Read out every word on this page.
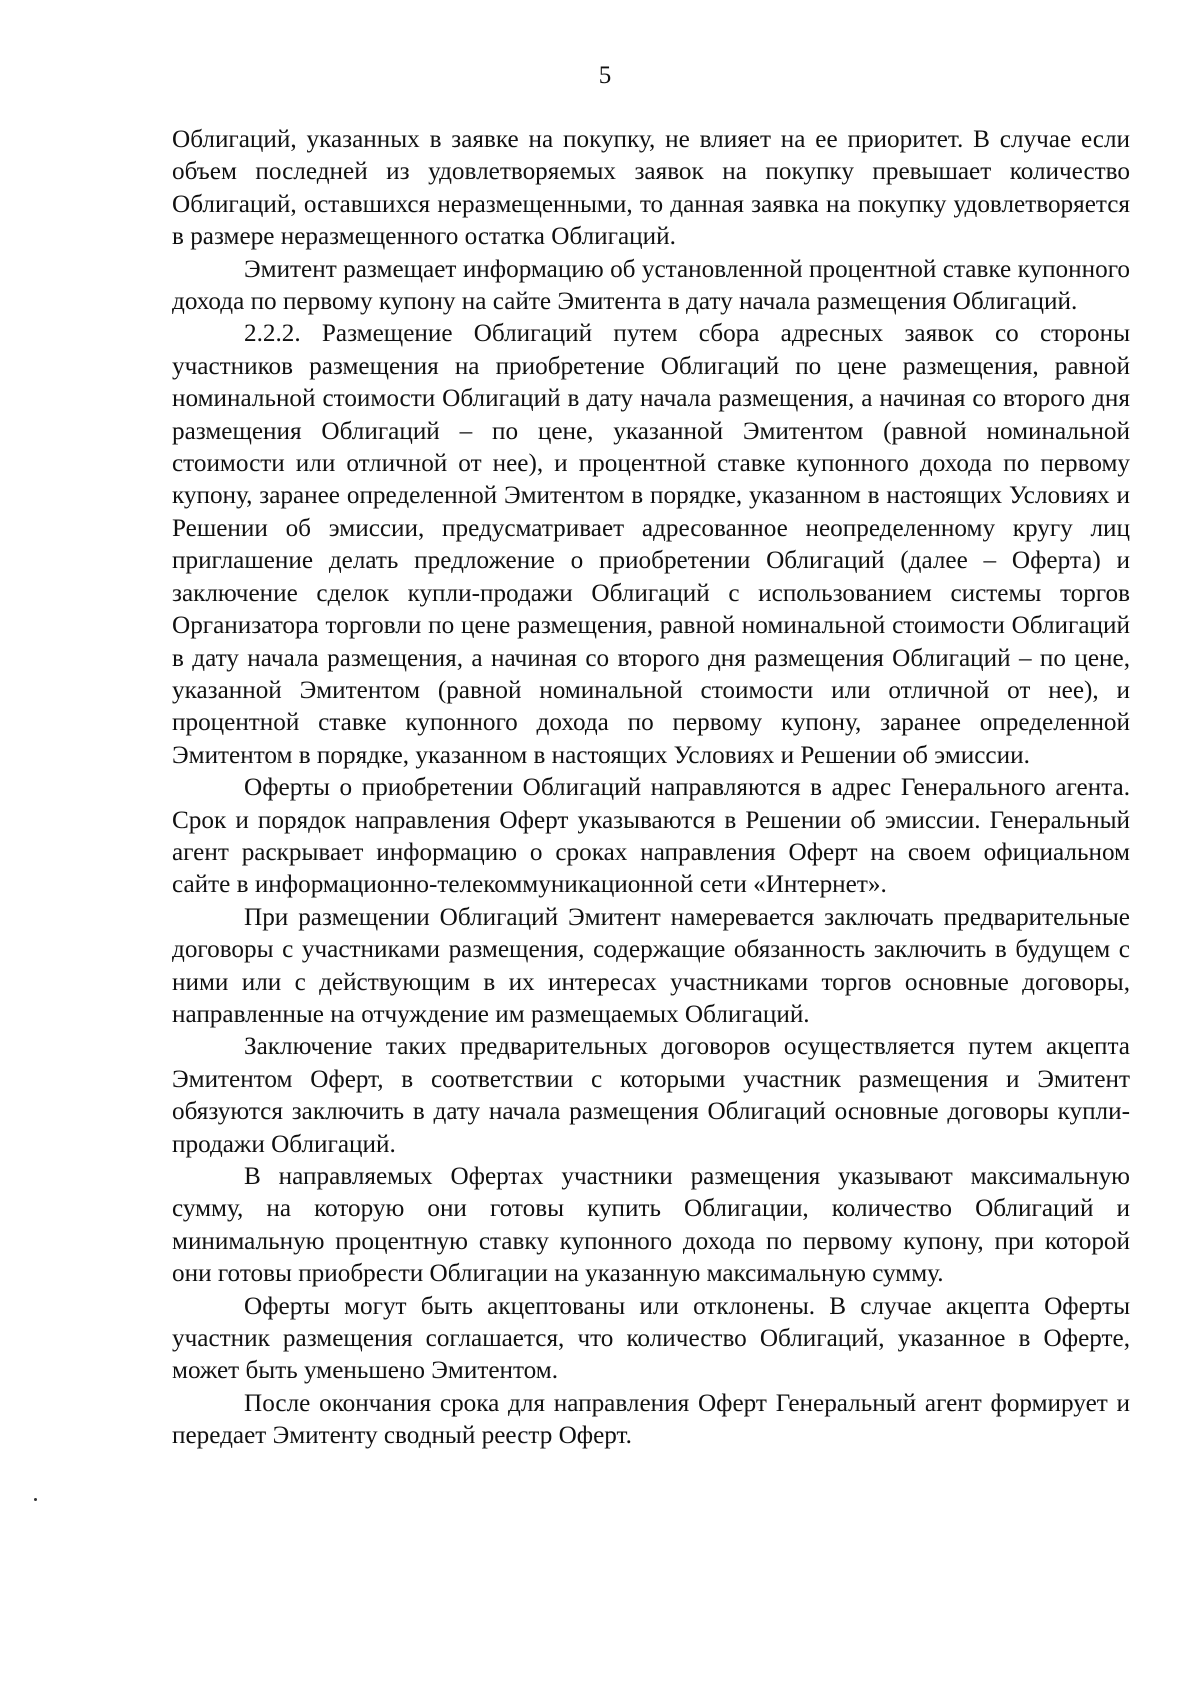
5

Облигаций, указанных в заявке на покупку, не влияет на ее приоритет. В случае если объем последней из удовлетворяемых заявок на покупку превышает количество Облигаций, оставшихся неразмещенными, то данная заявка на покупку удовлетворяется в размере неразмещенного остатка Облигаций.

Эмитент размещает информацию об установленной процентной ставке купонного дохода по первому купону на сайте Эмитента в дату начала размещения Облигаций.

2.2.2. Размещение Облигаций путем сбора адресных заявок со стороны участников размещения на приобретение Облигаций по цене размещения, равной номинальной стоимости Облигаций в дату начала размещения, а начиная со второго дня размещения Облигаций – по цене, указанной Эмитентом (равной номинальной стоимости или отличной от нее), и процентной ставке купонного дохода по первому купону, заранее определенной Эмитентом в порядке, указанном в настоящих Условиях и Решении об эмиссии, предусматривает адресованное неопределенному кругу лиц приглашение делать предложение о приобретении Облигаций (далее – Оферта) и заключение сделок купли-продажи Облигаций с использованием системы торгов Организатора торговли по цене размещения, равной номинальной стоимости Облигаций в дату начала размещения, а начиная со второго дня размещения Облигаций – по цене, указанной Эмитентом (равной номинальной стоимости или отличной от нее), и процентной ставке купонного дохода по первому купону, заранее определенной Эмитентом в порядке, указанном в настоящих Условиях и Решении об эмиссии.

Оферты о приобретении Облигаций направляются в адрес Генерального агента. Срок и порядок направления Оферт указываются в Решении об эмиссии. Генеральный агент раскрывает информацию о сроках направления Оферт на своем официальном сайте в информационно-телекоммуникационной сети «Интернет».

При размещении Облигаций Эмитент намеревается заключать предварительные договоры с участниками размещения, содержащие обязанность заключить в будущем с ними или с действующим в их интересах участниками торгов основные договоры, направленные на отчуждение им размещаемых Облигаций.

Заключение таких предварительных договоров осуществляется путем акцепта Эмитентом Оферт, в соответствии с которыми участник размещения и Эмитент обязуются заключить в дату начала размещения Облигаций основные договоры купли-продажи Облигаций.

В направляемых Офертах участники размещения указывают максимальную сумму, на которую они готовы купить Облигации, количество Облигаций и минимальную процентную ставку купонного дохода по первому купону, при которой они готовы приобрести Облигации на указанную максимальную сумму.

Оферты могут быть акцептованы или отклонены. В случае акцепта Оферты участник размещения соглашается, что количество Облигаций, указанное в Оферте, может быть уменьшено Эмитентом.

После окончания срока для направления Оферт Генеральный агент формирует и передает Эмитенту сводный реестр Оферт.
